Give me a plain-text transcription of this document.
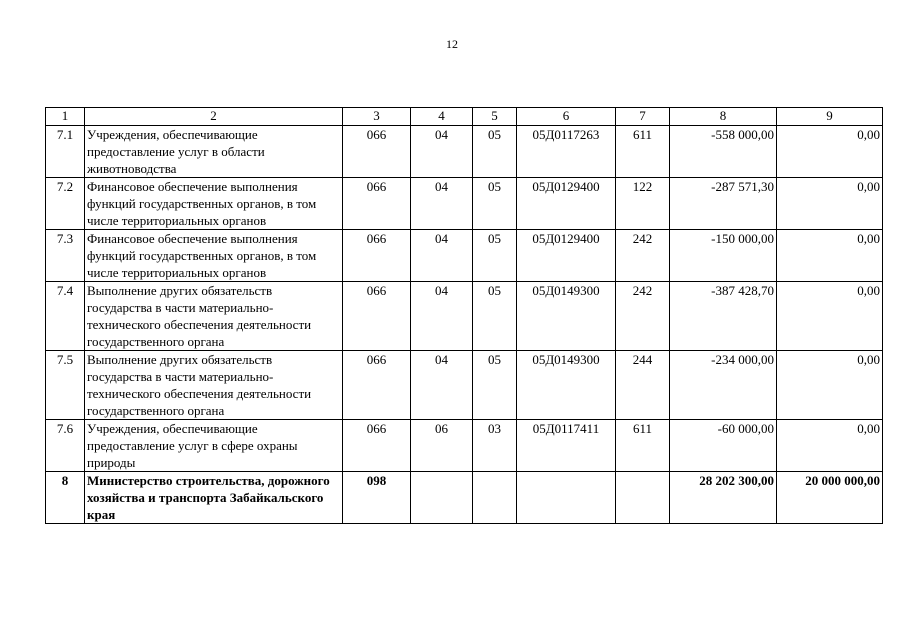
12
1	2	3	4	5	6	7	8	9
7.1	Учреждения, обеспечивающие предоставление услуг в области животноводства	066	04	05	05Д0117263	611	-558 000,00	0,00
7.2	Финансовое обеспечение выполнения функций государственных органов, в том числе территориальных органов	066	04	05	05Д0129400	122	-287 571,30	0,00
7.3	Финансовое обеспечение выполнения функций государственных органов, в том числе территориальных органов	066	04	05	05Д0129400	242	-150 000,00	0,00
7.4	Выполнение других обязательств государства в части материально-технического обеспечения деятельности государственного органа	066	04	05	05Д0149300	242	-387 428,70	0,00
7.5	Выполнение других обязательств государства в части материально-технического обеспечения деятельности государственного органа	066	04	05	05Д0149300	244	-234 000,00	0,00
7.6	Учреждения, обеспечивающие предоставление услуг в сфере охраны природы	066	06	03	05Д0117411	611	-60 000,00	0,00
8	Министерство строительства, дорожного хозяйства и транспорта Забайкальского края	098					28 202 300,00	20 000 000,00
